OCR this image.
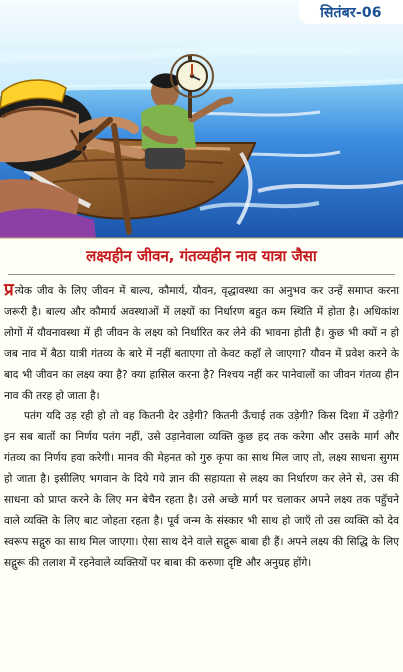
सितंबर-06
लक्ष्यहीन जीवन, गंतव्यहीन नाव यात्रा जैसा

प्रत्येक जीव के लिए जीवन में बाल्य, कौमार्य, यौवन, वृद्धावस्था का अनुभव कर उन्हें समाप्त करना जरूरी है। बाल्य और कौमार्य अवस्थाओं में लक्ष्यों का निर्धारण बहुत कम स्थिति में होता है। अधिकांश लोगों में यौवनावस्था में ही जीवन के लक्ष्य को निर्धारित कर लेने की भावना होती है। कुछ भी क्यों न हो जब नाव में बैठा यात्री गंतव्य के बारे में नहीं बताएगा तो केवट कहाँ ले जाएगा? यौवन में प्रवेश करने के बाद भी जीवन का लक्ष्य क्या है? क्या हासिल करना है? निश्चय नहीं कर पानेवालों का जीवन गंतव्य हीन नाव की तरह हो जाता है।

पतंग यदि उड़ रही हो तो वह कितनी देर उड़ेगी? कितनी ऊँचाई तक उड़ेगी? किस दिशा में उड़ेगी? इन सब बातों का निर्णय पतंग नहीं, उसे उड़ानेवाला व्यक्ति कुछ हद तक करेगा और उसके मार्ग और गंतव्य का निर्णय हवा करेगी। मानव की मेहनत को गुरु कृपा का साथ मिल जाए तो, लक्ष्य साधना सुगम हो जाता है। इसीलिए भगवान के दिये गये ज्ञान की सहायता से लक्ष्य का निर्धारण कर लेने से, उस की साधना को प्राप्त करने के लिए मन बेचैन रहता है। उसे अच्छे मार्ग पर चलाकर अपने लक्ष्य तक पहुँचने वाले व्यक्ति के लिए बाट जोहता रहता है। पूर्व जन्म के संस्कार भी साथ हो जाएँ तो उस व्यक्ति को देव स्वरूप सद्गुरु का साथ मिल जाएगा। ऐसा साथ देने वाले सद्गुरू बाबा ही हैं। अपने लक्ष्य की सिद्धि के लिए सद्गुरू की तलाश में रहनेवाले व्यक्तियों पर बाबा की करुणा दृष्टि और अनुग्रह होंगे।
